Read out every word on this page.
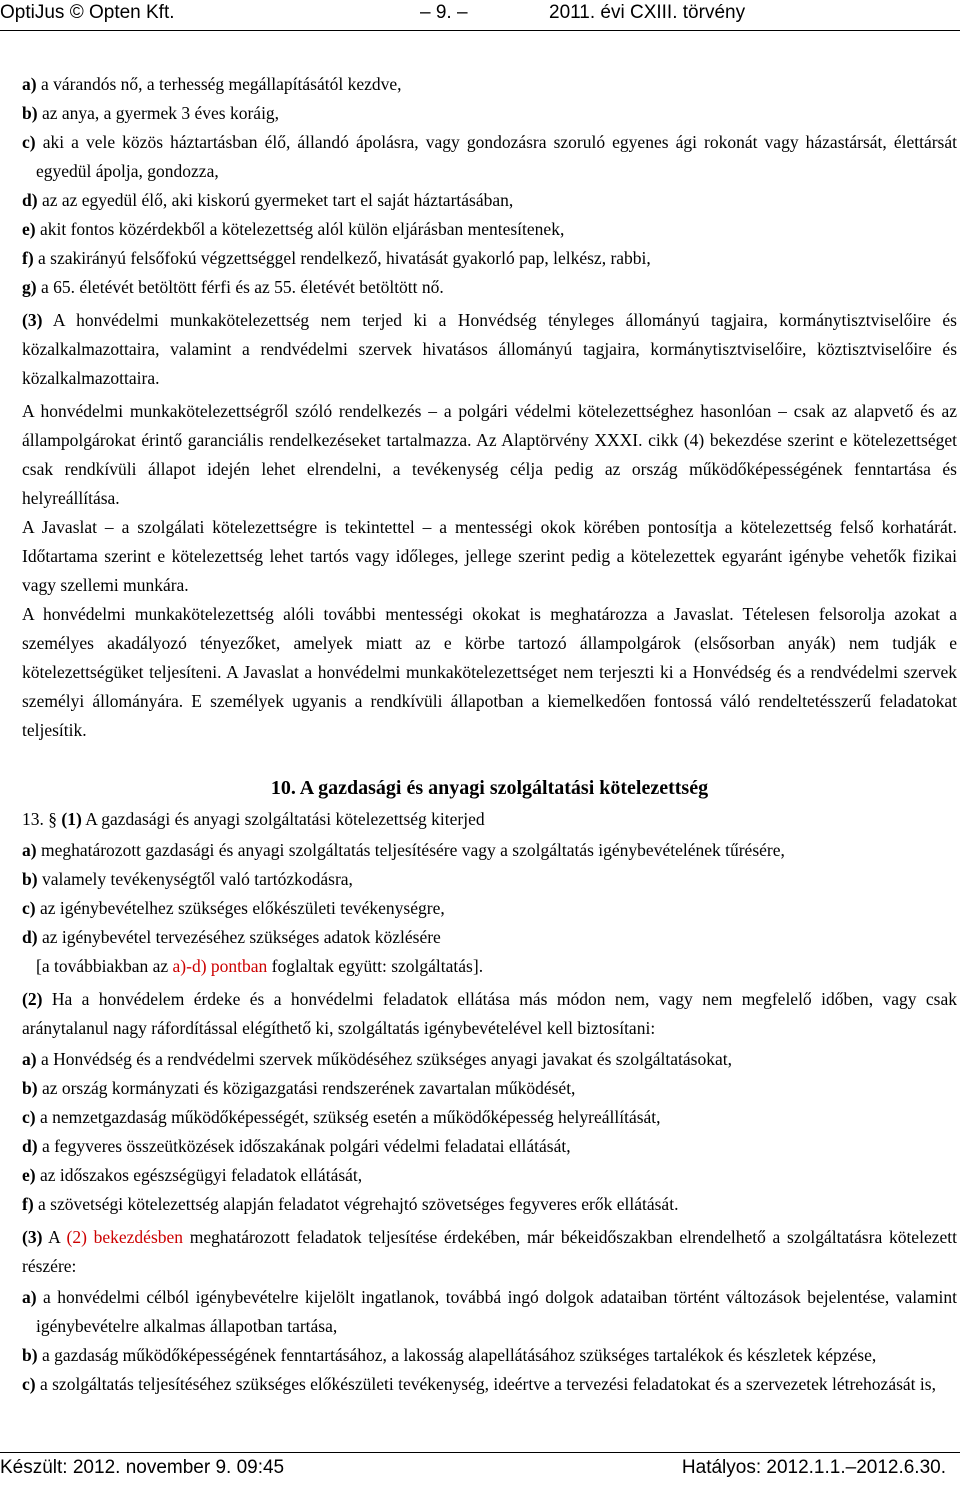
OptiJus © Opten Kft.	– 9. –	2011. évi CXIII. törvény
a) a várandós nő, a terhesség megállapításától kezdve,
b) az anya, a gyermek 3 éves koráig,
c) aki a vele közös háztartásban élő, állandó ápolásra, vagy gondozásra szoruló egyenes ági rokonát vagy házastársát, élettársát egyedül ápolja, gondozza,
d) az az egyedül élő, aki kiskorú gyermeket tart el saját háztartásában,
e) akit fontos közérdekből a kötelezettség alól külön eljárásban mentesítenek,
f) a szakirányú felsőfokú végzettséggel rendelkező, hivatását gyakorló pap, lelkész, rabbi,
g) a 65. életévét betöltött férfi és az 55. életévét betöltött nő.
(3) A honvédelmi munkakötelezettség nem terjed ki a Honvédség tényleges állományú tagjaira, kormánytisztviselőire és közalkalmazottaira, valamint a rendvédelmi szervek hivatásos állományú tagjaira, kormánytisztviselőire, köztisztviselőire és közalkalmazottaira.
A honvédelmi munkakötelezettségről szóló rendelkezés – a polgári védelmi kötelezettséghez hasonlóan – csak az alapvető és az állampolgárokat érintő garanciális rendelkezéseket tartalmazza. Az Alaptörvény XXXI. cikk (4) bekezdése szerint e kötelezettséget csak rendkívüli állapot idején lehet elrendelni, a tevékenység célja pedig az ország működőképességének fenntartása és helyreállítása.
A Javaslat – a szolgálati kötelezettségre is tekintettel – a mentességi okok körében pontosítja a kötelezettség felső korhatárát. Időtartama szerint e kötelezettség lehet tartós vagy időleges, jellege szerint pedig a kötelezettek egyaránt igénybe vehetők fizikai vagy szellemi munkára.
A honvédelmi munkakötelezettség alóli további mentességi okokat is meghatározza a Javaslat. Tételesen felsorolja azokat a személyes akadályozó tényezőket, amelyek miatt az e körbe tartozó állampolgárok (elsősorban anyák) nem tudják e kötelezettségüket teljesíteni. A Javaslat a honvédelmi munkakötelezettséget nem terjeszti ki a Honvédség és a rendvédelmi szervek személyi állományára. E személyek ugyanis a rendkívüli állapotban a kiemelkedően fontossá váló rendeltetésszerű feladatokat teljesítik.
10. A gazdasági és anyagi szolgáltatási kötelezettség
13. § (1) A gazdasági és anyagi szolgáltatási kötelezettség kiterjed
a) meghatározott gazdasági és anyagi szolgáltatás teljesítésére vagy a szolgáltatás igénybevételének tűrésére,
b) valamely tevékenységtől való tartózkodásra,
c) az igénybevételhez szükséges előkészületi tevékenységre,
d) az igénybevétel tervezéséhez szükséges adatok közlésére
[a továbbiakban az a)-d) pontban foglaltak együtt: szolgáltatás].
(2) Ha a honvédelem érdeke és a honvédelmi feladatok ellátása más módon nem, vagy nem megfelelő időben, vagy csak aránytalanul nagy ráfordítással elégíthető ki, szolgáltatás igénybevételével kell biztosítani:
a) a Honvédség és a rendvédelmi szervek működéséhez szükséges anyagi javakat és szolgáltatásokat,
b) az ország kormányzati és közigazgatási rendszerének zavartalan működését,
c) a nemzetgazdaság működőképességét, szükség esetén a működőképesség helyreállítását,
d) a fegyveres összeütközések időszakának polgári védelmi feladatai ellátását,
e) az időszakos egészségügyi feladatok ellátását,
f) a szövetségi kötelezettség alapján feladatot végrehajtó szövetséges fegyveres erők ellátását.
(3) A (2) bekezdésben meghatározott feladatok teljesítése érdekében, már békeidőszakban elrendelhető a szolgáltatásra kötelezett részére:
a) a honvédelmi célból igénybevételre kijelölt ingatlanok, továbbá ingó dolgok adataiban történt változások bejelentése, valamint igénybevételre alkalmas állapotban tartása,
b) a gazdaság működőképességének fenntartásához, a lakosság alapellátásához szükséges tartalékok és készletek képzése,
c) a szolgáltatás teljesítéséhez szükséges előkészületi tevékenység, ideértve a tervezési feladatokat és a szervezetek létrehozását is,
Készült: 2012. november 9. 09:45	Hatályos: 2012.1.1.–2012.6.30.
